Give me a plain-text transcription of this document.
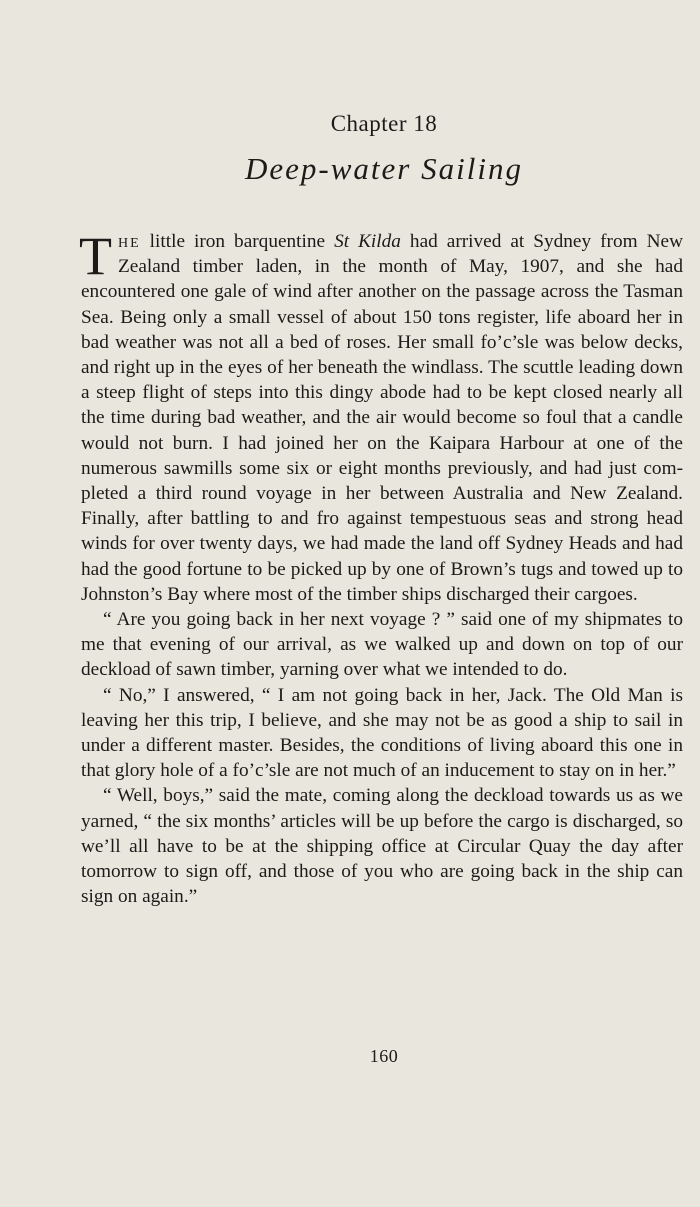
Chapter 18
Deep-water Sailing

The little iron barquentine St Kilda had arrived at Sydney from New Zealand timber laden, in the month of May, 1907, and she had encountered one gale of wind after another on the passage across the Tasman Sea. Being only a small vessel of about 150 tons register, life aboard her in bad weather was not all a bed of roses. Her small fo’c’sle was below decks, and right up in the eyes of her beneath the windlass. The scuttle leading down a steep flight of steps into this dingy abode had to be kept closed nearly all the time during bad weather, and the air would become so foul that a candle would not burn. I had joined her on the Kaipara Harbour at one of the numerous sawmills some six or eight months previously, and had just com-pleted a third round voyage in her between Australia and New Zealand. Finally, after battling to and fro against tempestuous seas and strong head winds for over twenty days, we had made the land off Sydney Heads and had had the good fortune to be picked up by one of Brown’s tugs and towed up to Johnston’s Bay where most of the timber ships discharged their cargoes.

“ Are you going back in her next voyage ? ” said one of my shipmates to me that evening of our arrival, as we walked up and down on top of our deckload of sawn timber, yarning over what we intended to do.

“ No,” I answered, “ I am not going back in her, Jack. The Old Man is leaving her this trip, I believe, and she may not be as good a ship to sail in under a different master. Besides, the conditions of living aboard this one in that glory hole of a fo’c’sle are not much of an inducement to stay on in her.”

“ Well, boys,” said the mate, coming along the deckload towards us as we yarned, “ the six months’ articles will be up before the cargo is discharged, so we’ll all have to be at the shipping office at Circular Quay the day after tomorrow to sign off, and those of you who are going back in the ship can sign on again.”

160
